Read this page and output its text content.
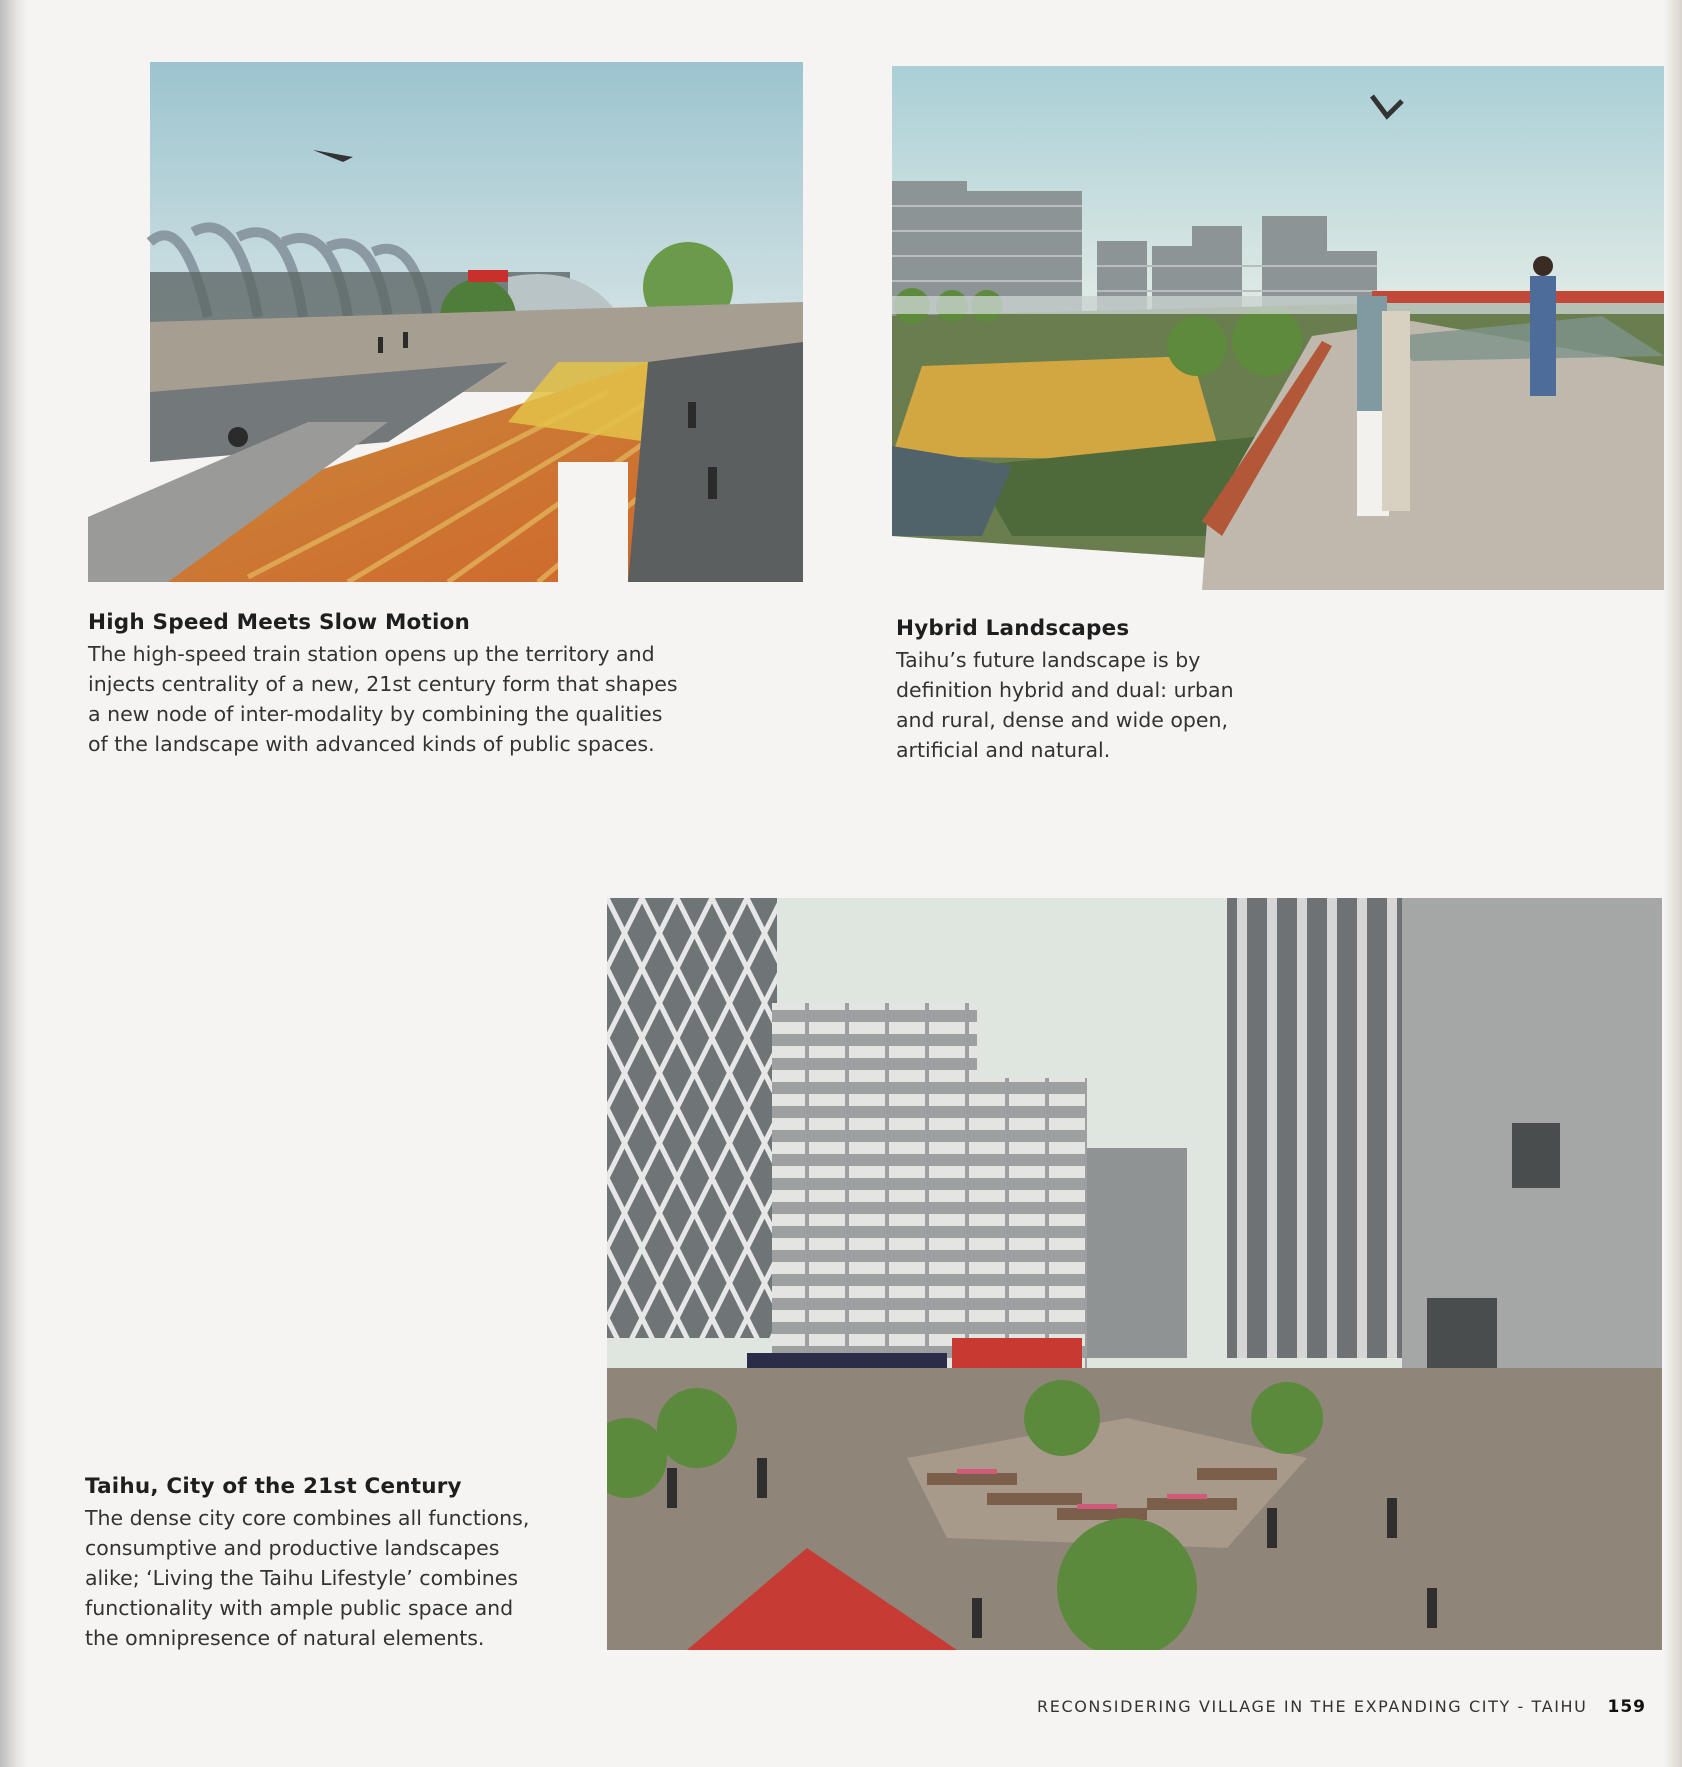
High Speed Meets Slow Motion

The high-speed train station opens up the territory and
injects centrality of a new, 21st century form that shapes
a new node of inter-modality by combining the qualities
of the landscape with advanced kinds of public spaces.

Hybrid Landscapes

Taihu’s future landscape is by
definition hybrid and dual: urban
and rural, dense and wide open,
artificial and natural.

Taihu, City of the 21st Century

The dense city core combines all functions,
consumptive and productive landscapes
alike; ‘Living the Taihu Lifestyle’ combines
functionality with ample public space and
the omnipresence of natural elements.

RECONSIDERING VILLAGE IN THE EXPANDING CITY - TAIHU 159
